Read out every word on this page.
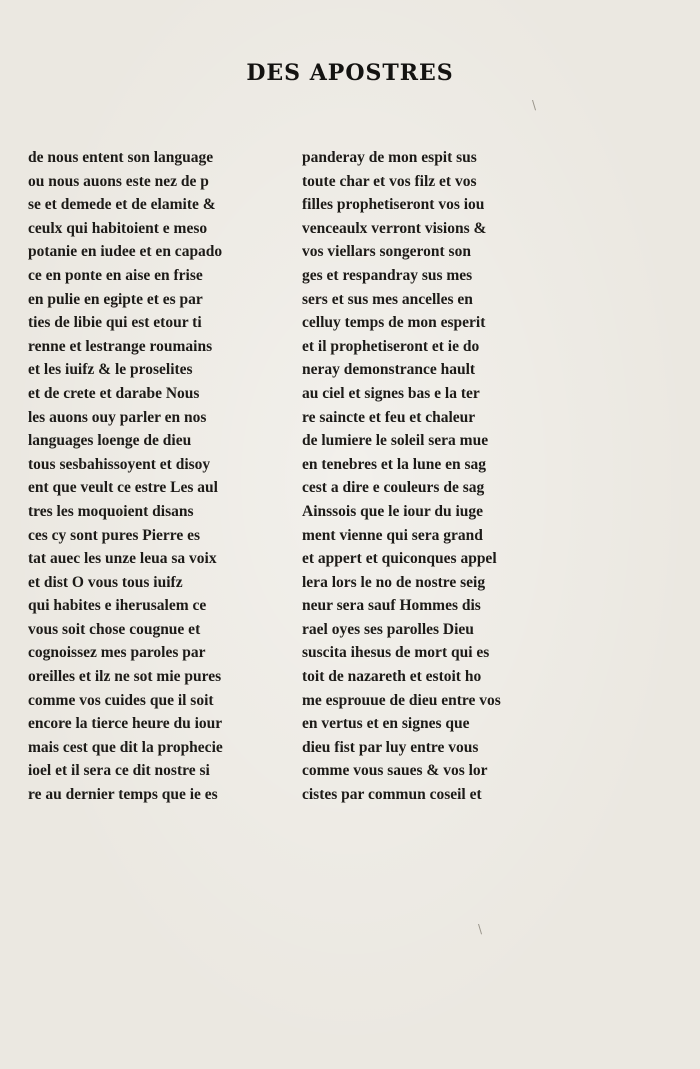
DES APOSTRES
de nous entent son language
ou nous auons este nez de p
se et demede et de elamite &
ceulx qui habitoient e meso
potanie en iudee et en capado
ce en ponte en aise en frise
en pulie en egipte et es par
ties de libie qui est etour ti
renne et lestrange roumains
et les iuifz & le proselites
et de crete et darabe Nous
les auons ouy parler en nos
languages loenge de dieu
tous sesbahissoyent et disoy
ent que veult ce estre Les aul
tres les moquoient disans
ces cy sont pures Pierre es
tat auec les unze leua sa voix
et dist O vous tous iuifz
qui habites e iherusalem ce
vous soit chose cougnue et
cognoissez mes paroles par
oreilles et ilz ne sot mie pures
comme vos cuides que il soit
encore la tierce heure du iour
mais cest que dit la prophecie
ioel et il sera ce dit nostre si
re au dernier temps que ie es
panderay de mon espit sus
toute char et vos filz et vos
filles prophetiseront vos iou
venceaulx verront visions &
vos viellars songeront son
ges et respandray sus mes
sers et sus mes ancelles en
celluy temps de mon esperit
et il prophetiseront et ie do
neray demonstrance hault
au ciel et signes bas e la ter
re saincte et feu et chaleur
de lumiere le soleil sera mue
en tenebres et la lune en sag
cest a dire e couleurs de sag
Ainssois que le iour du iuge
ment vienne qui sera grand
et appert et quiconques appel
lera lors le no de nostre seig
neur sera sauf Hommes dis
rael oyes ses parolles Dieu
suscita ihesus de mort qui es
toit de nazareth et estoit ho
me esprouue de dieu entre vos
en vertus et en signes que
dieu fist par luy entre vous
comme vous saues & vos lor
cistes par commun coseil et
\
\
